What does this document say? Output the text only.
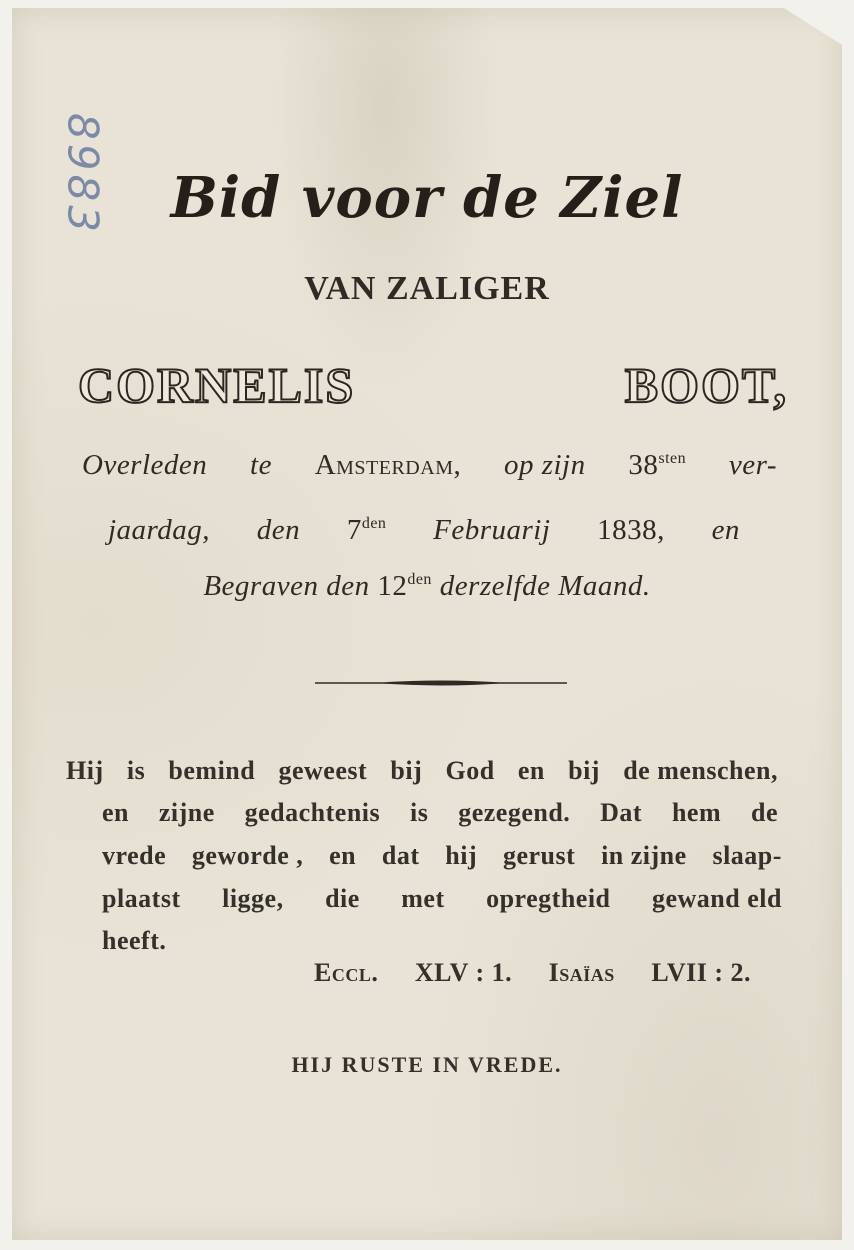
8983	Bid voor de Ziel
VAN ZALIGER
CORNELIS	BOOT,
Overleden te Amsterdam, op zijn $38^{sten}$ ver-
jaardag, den $7^{den}$ Februarij 1838, en
Begraven den $12^{den}$ derzelfde Maand.
Hij is bemind geweest bij God en bij de menschen,
en zijne gedachtenis is gezegend. Dat hem de
vrede geworde , en dat hij gerust in zijne slaap-
plaatst ligge, die met opregtheid gewand eld
heeft.
Eccl. XLV : 1. Isaïas LVII : 2.
HIJ RUSTE IN VREDE.
